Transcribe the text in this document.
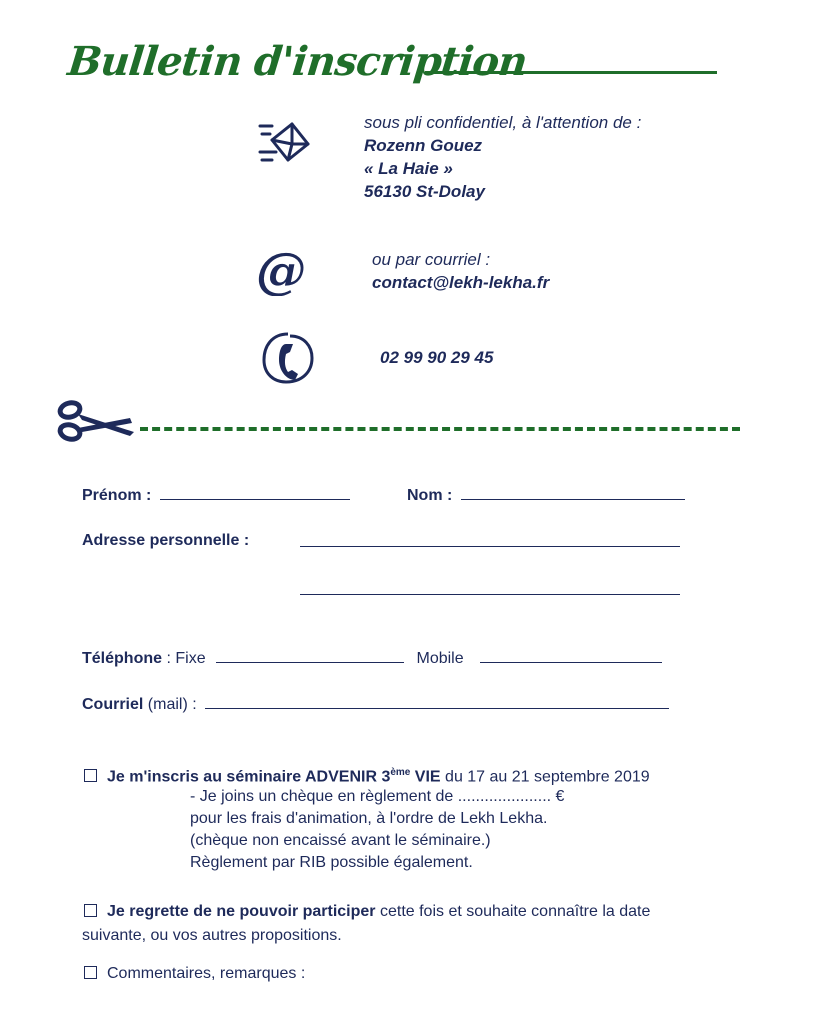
Bulletin d'inscription
sous pli confidentiel, à l'attention de :
Rozenn Gouez
« La Haie »
56130 St-Dolay
@	ou par courriel :
contact@lekh-lekha.fr
02 99 90 29 45
Prénom :	Nom :
Adresse personnelle :
Téléphone : Fixe	Mobile
Courriel (mail) :
Je m'inscris au séminaire ADVENIR 3ème VIE du 17 au 21 septembre 2019
- Je joins un chèque en règlement de ..................... €
pour les frais d'animation, à l'ordre de Lekh Lekha.
(chèque non encaissé avant le séminaire.)
Règlement par RIB possible également.
Je regrette de ne pouvoir participer cette fois et souhaite connaître la date
suivante, ou vos autres propositions.
Commentaires, remarques :
